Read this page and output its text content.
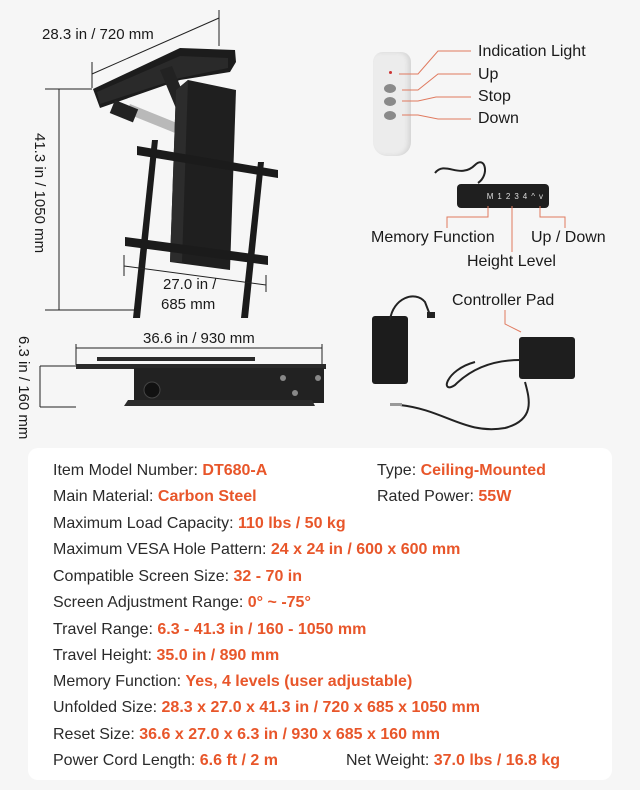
28.3 in / 720 mm
41.3 in / 1050 mm
27.0 in /
685 mm
36.6 in / 930 mm
6.3 in / 160 mm
Indication Light
Up
Stop
Down
M 1 2 3 4 ^ v
Memory Function
Height Level
Up / Down
Controller Pad
Item Model Number: DT680-A	Type: Ceiling-Mounted
Main Material: Carbon Steel	Rated Power: 55W
Maximum Load Capacity: 110 lbs / 50 kg
Maximum VESA Hole Pattern: 24 x 24 in / 600 x 600 mm
Compatible Screen Size: 32 - 70 in
Screen Adjustment Range: 0° ~ -75°
Travel Range: 6.3 - 41.3 in / 160 - 1050 mm
Travel Height: 35.0 in / 890 mm
Memory Function: Yes, 4 levels (user adjustable)
Unfolded Size: 28.3 x 27.0 x 41.3 in / 720 x 685 x 1050 mm
Reset Size: 36.6 x 27.0 x 6.3 in / 930 x 685 x 160 mm
Power Cord Length: 6.6 ft / 2 m	Net Weight: 37.0 lbs / 16.8 kg
